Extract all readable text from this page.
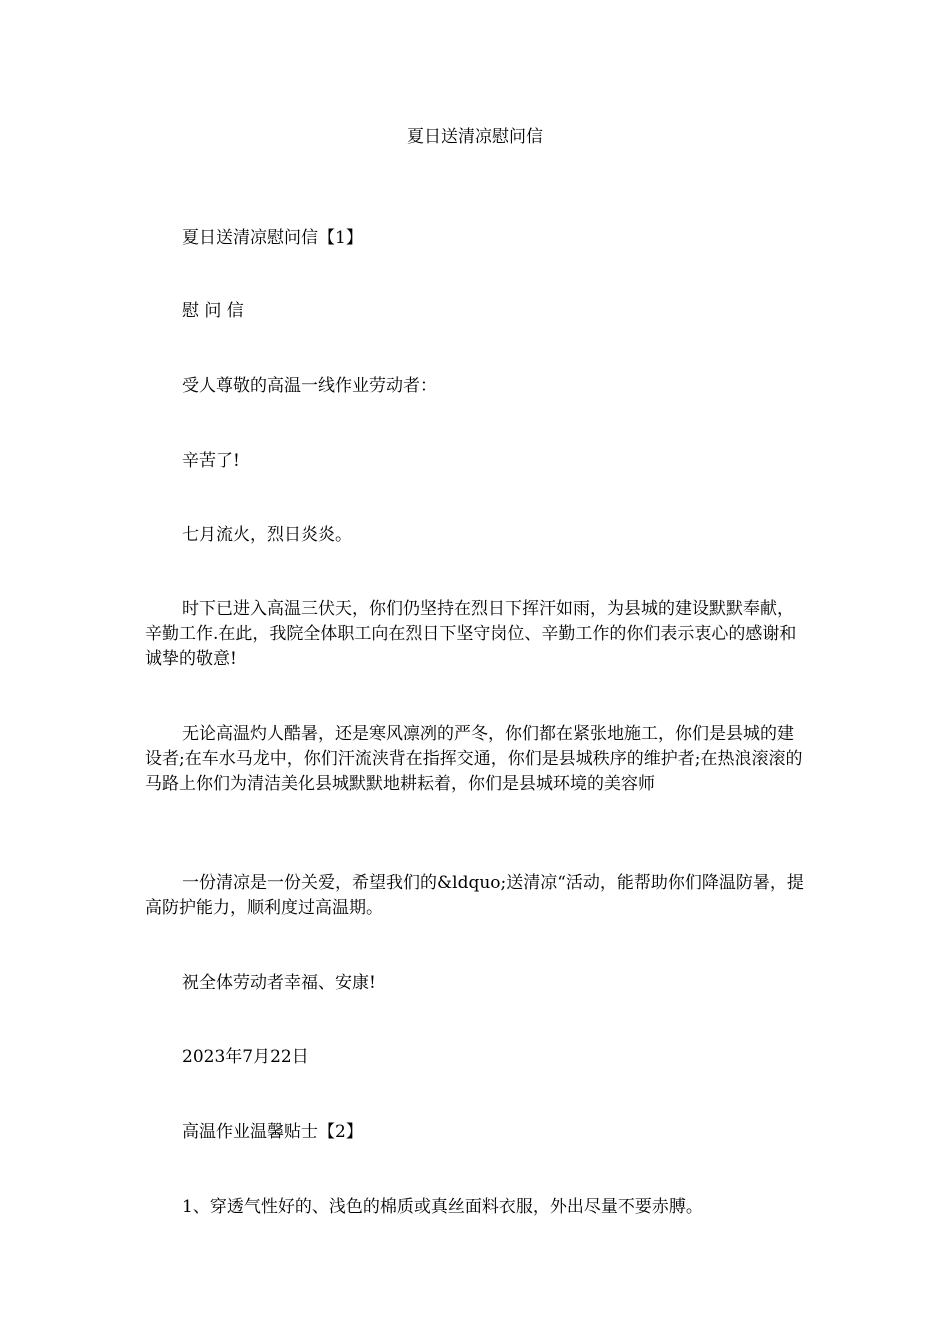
夏日送清凉慰问信

夏日送清凉慰问信【1】

慰 问 信

受人尊敬的高温一线作业劳动者：

辛苦了!

七月流火，烈日炎炎。

时下已进入高温三伏天，你们仍坚持在烈日下挥汗如雨，为县城的建设默默奉献，辛勤工作.在此，我院全体职工向在烈日下坚守岗位、辛勤工作的你们表示衷心的感谢和诚挚的敬意!

无论高温灼人酷暑，还是寒风凛冽的严冬，你们都在紧张地施工，你们是县城的建设者;在车水马龙中，你们汗流浃背在指挥交通，你们是县城秩序的维护者;在热浪滚滚的马路上你们为清洁美化县城默默地耕耘着，你们是县城环境的美容师

一份清凉是一份关爱，希望我们的&ldquo;送清凉“活动，能帮助你们降温防暑，提高防护能力，顺利度过高温期。

祝全体劳动者幸福、安康!

2023年7月22日

高温作业温馨贴士【2】

1、穿透气性好的、浅色的棉质或真丝面料衣服，外出尽量不要赤膊。
